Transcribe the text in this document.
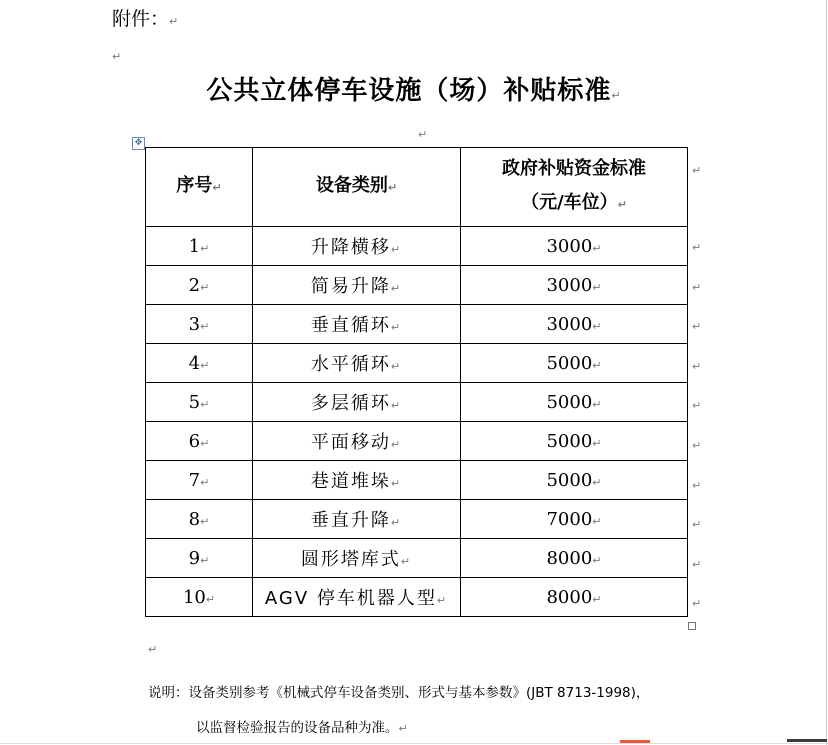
附件：↵
↵
公共立体停车设施（场）补贴标准↵
↵
✥
序号↵	设备类别↵	政府补贴资金标准
（元/车位）↵

1↵	升降横移↵	3000↵
2↵	简易升降↵	3000↵
3↵	垂直循环↵	3000↵
4↵	水平循环↵	5000↵
5↵	多层循环↵	5000↵
6↵	平面移动↵	5000↵
7↵	巷道堆垛↵	5000↵
8↵	垂直升降↵	7000↵
9↵	圆形塔库式↵	8000↵
10↵	AGV 停车机器人型↵	8000↵
↵
↵
↵
↵
↵
↵
↵
↵
↵
↵
↵
↵
说明：设备类别参考《机械式停车设备类别、形式与基本参数》(JBT 8713-1998)，
以监督检验报告的设备品种为准。↵
